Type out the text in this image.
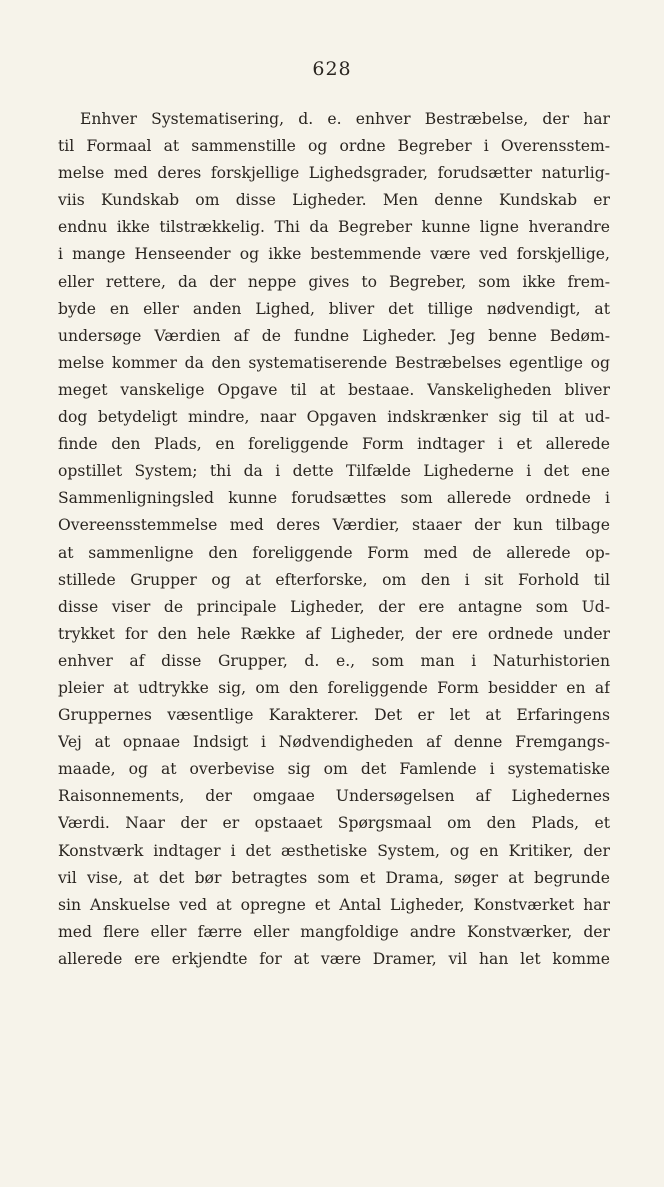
628
Enhver Systematisering, d. e. enhver Bestræbelse, der har
til Formaal at sammenstille og ordne Begreber i Overensstem-
melse med deres forskjellige Lighedsgrader, forudsætter naturlig-
viis Kundskab om disse Ligheder. Men denne Kundskab er
endnu ikke tilstrækkelig. Thi da Begreber kunne ligne hverandre
i mange Henseender og ikke bestemmende være ved forskjellige,
eller rettere, da der neppe gives to Begreber, som ikke frem-
byde en eller anden Lighed, bliver det tillige nødvendigt, at
undersøge Værdien af de fundne Ligheder. Jeg benne Bedøm-
melse kommer da den systematiserende Bestræbelses egentlige og
meget vanskelige Opgave til at bestaae. Vanskeligheden bliver
dog betydeligt mindre, naar Opgaven indskrænker sig til at ud-
finde den Plads, en foreliggende Form indtager i et allerede
opstillet System; thi da i dette Tilfælde Lighederne i det ene
Sammenligningsled kunne forudsættes som allerede ordnede i
Overeensstemmelse med deres Værdier, staaer der kun tilbage
at sammenligne den foreliggende Form med de allerede op-
stillede Grupper og at efterforske, om den i sit Forhold til
disse viser de principale Ligheder, der ere antagne som Ud-
trykket for den hele Række af Ligheder, der ere ordnede under
enhver af disse Grupper, d. e., som man i Naturhistorien
pleier at udtrykke sig, om den foreliggende Form besidder en af
Gruppernes væsentlige Karakterer. Det er let at Erfaringens
Vej at opnaae Indsigt i Nødvendigheden af denne Fremgangs-
maade, og at overbevise sig om det Famlende i systematiske
Raisonnements, der omgaae Undersøgelsen af Lighedernes
Værdi. Naar der er opstaaet Spørgsmaal om den Plads, et
Konstværk indtager i det æsthetiske System, og en Kritiker, der
vil vise, at det bør betragtes som et Drama, søger at begrunde
sin Anskuelse ved at opregne et Antal Ligheder, Konstværket har
med flere eller færre eller mangfoldige andre Konstværker, der
allerede ere erkjendte for at være Dramer, vil han let komme
